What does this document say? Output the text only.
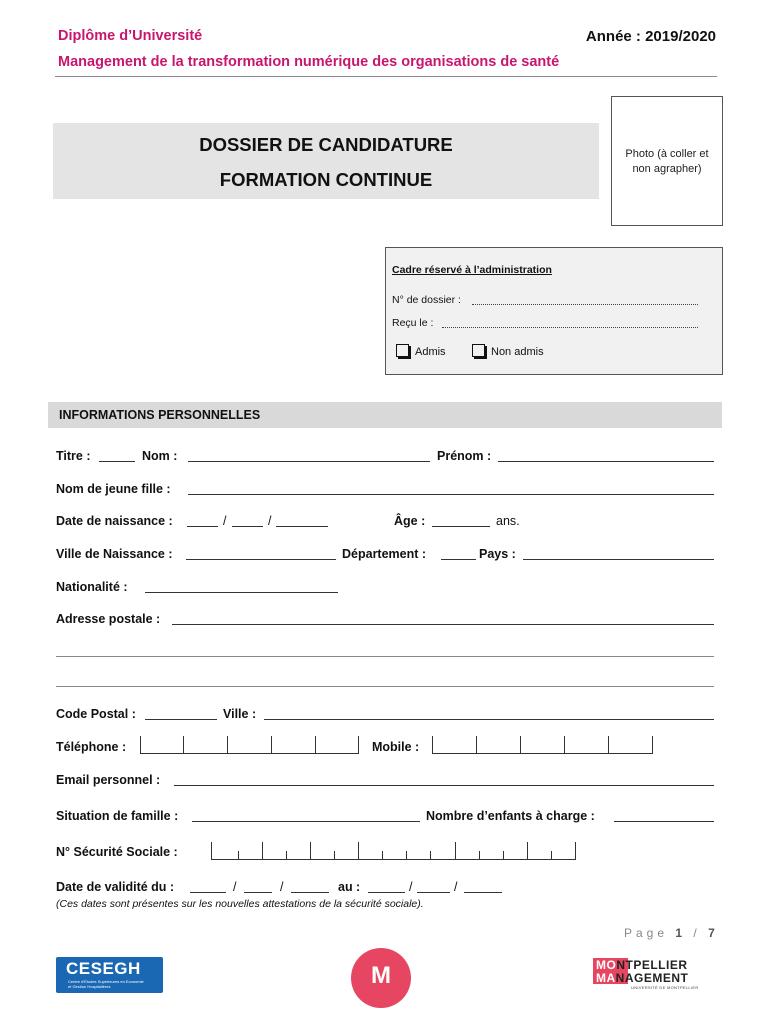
Diplôme d’Université	Année : 2019/2020
Management de la transformation numérique des organisations de santé
DOSSIER DE CANDIDATURE
FORMATION CONTINUE
Photo (à coller et
non agrapher)
Cadre réservé à l’administration
N° de dossier :
Reçu le :
Admis	Non admis
INFORMATIONS PERSONNELLES
Titre :	Nom :	Prénom :
Nom de jeune fille :
Date de naissance :	/	/	Âge :	ans.
Ville de Naissance :	Département :	Pays :
Nationalité :
Adresse postale :
Code Postal :	Ville :
Téléphone :	Mobile :
Email personnel :
Situation de famille :	Nombre d’enfants à charge :
N° Sécurité Sociale :
Date de validité du :	/	/	au :	/	/
(Ces dates sont présentes sur les nouvelles attestations de la sécurité sociale).
Page 1 / 7
CESEGH
Centre d'Etudes Supérieures en Economie et Gestion Hospitalières	M	MONTPELLIER
MANAGEMENT
UNIVERSITÉ DE MONTPELLIER
